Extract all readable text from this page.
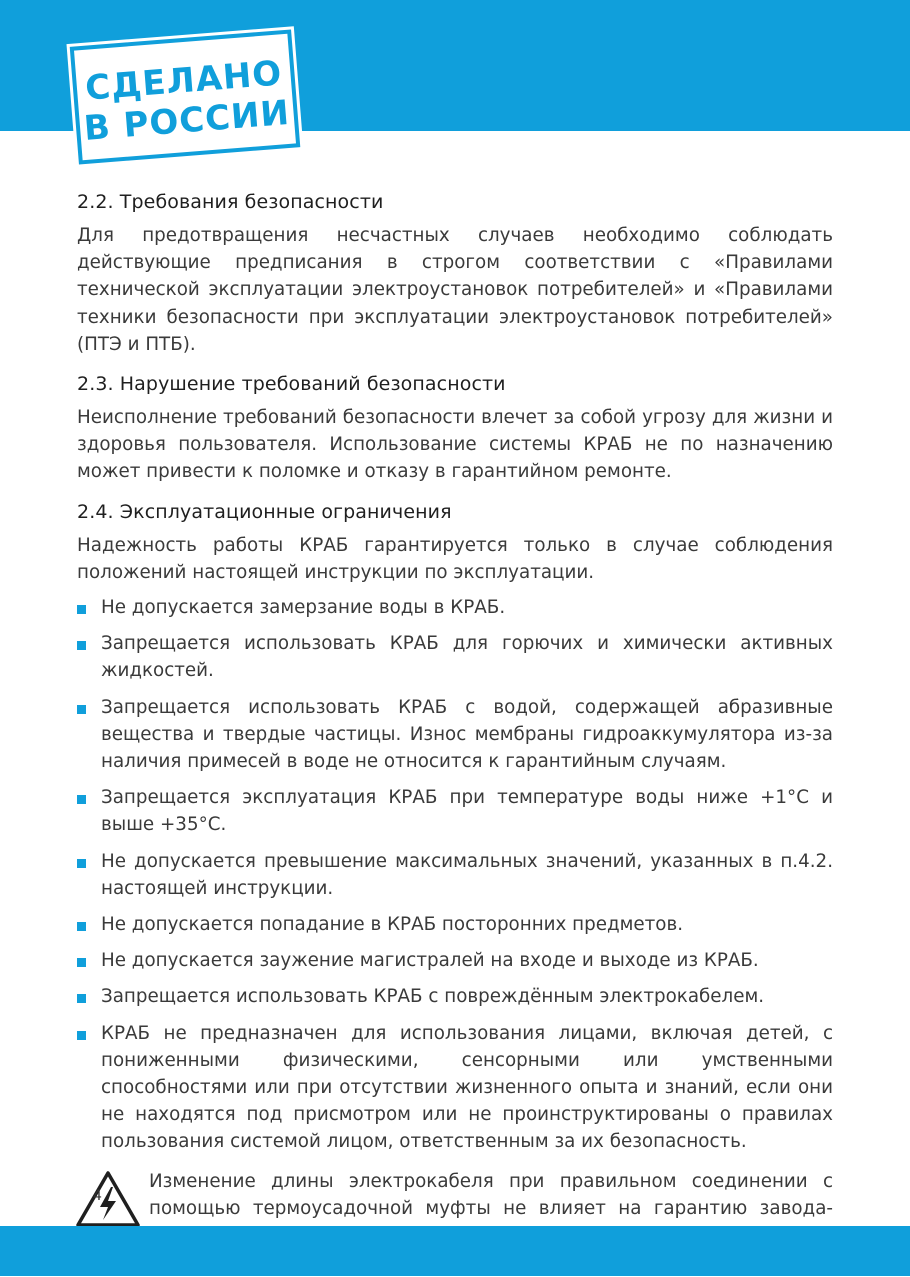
СДЕЛАНО
В РОССИИ
2.2. Требования безопасности

Для предотвращения несчастных случаев необходимо соблюдать действующие предписания в строгом соответствии с «Правилами технической эксплуатации электроустановок потребителей» и «Правилами техники безопасности при эксплуатации электроустановок потребителей» (ПТЭ и ПТБ).

2.3. Нарушение требований безопасности

Неисполнение требований безопасности влечет за собой угрозу для жизни и здоровья пользователя. Использование системы КРАБ не по назначению может привести к поломке и отказу в гарантийном ремонте.

2.4. Эксплуатационные ограничения

Надежность работы КРАБ гарантируется только в случае соблюдения положений настоящей инструкции по эксплуатации.

Не допускается замерзание воды в КРАБ.
Запрещается использовать КРАБ для горючих и химически активных жидкостей.
Запрещается использовать КРАБ с водой, содержащей абразивные вещества и твердые частицы. Износ мембраны гидроаккумулятора из-за наличия примесей в воде не относится к гарантийным случаям.
Запрещается эксплуатация КРАБ при температуре воды ниже +1°С и выше +35°С.
Не допускается превышение максимальных значений, указанных в п.4.2. настоящей инструкции.
Не допускается попадание в КРАБ посторонних предметов.
Не допускается заужение магистралей на входе и выходе из КРАБ.
Запрещается использовать КРАБ с повреждённым электрокабелем.
КРАБ не предназначен для использования лицами, включая детей, с пониженными физическими, сенсорными или умственными способностями или при отсутствии жизненного опыта и знаний, если они не находятся под присмотром или не проинструктированы о правилах пользования системой лицом, ответственным за их безопасность.
Изменение длины электрокабеля при правильном соединении с помощью термоусадочной муфты не влияет на гарантию завода-
4
